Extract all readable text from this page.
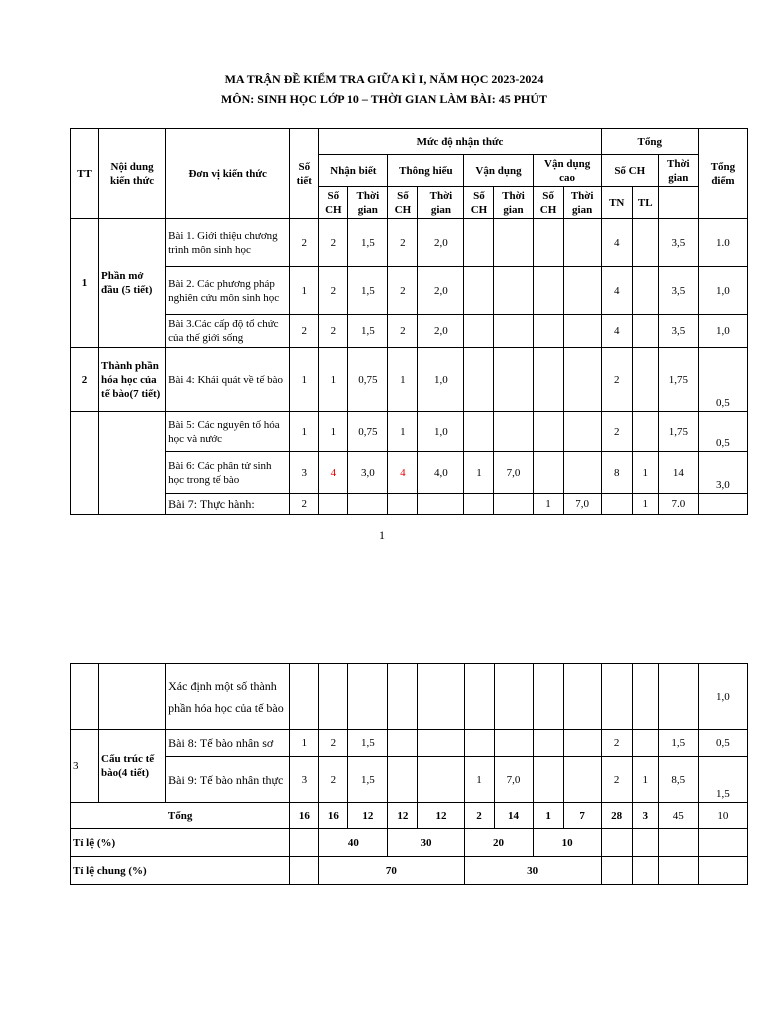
MA TRẬN ĐỀ KIỂM TRA GIỮA KÌ I, NĂM HỌC 2023-2024
MÔN: SINH HỌC LỚP 10 – THỜI GIAN LÀM BÀI: 45 PHÚT
TT	Nội dung kiến thức	Đơn vị kiến thức	Số tiết	Mức độ nhận thức								Tổng			Tổng điểm
				Nhận biết		Thông hiểu		Vận dụng		Vận dụng cao		Số CH		Thời gian	
				Số CH	Thời gian	Số CH	Thời gian	Số CH	Thời gian	Số CH	Thời gian	TN	TL		
1	Phần mở đầu (5 tiết)	Bài 1. Giới thiệu chương trình môn sinh học	2	2	1,5	2	2,0					4		3,5	1.0
		Bài 2. Các phương pháp nghiên cứu môn sinh học	1	2	1,5	2	2,0					4		3,5	1,0
		Bài 3.Các cấp độ tổ chức của thế giới sống	2	2	1,5	2	2,0					4		3,5	1,0
2	Thành phần hóa học của tế bào(7 tiết)	Bài 4: Khái quát về tế bào	1	1	0,75	1	1,0					2		1,75	0,5
		Bài 5: Các nguyên tố hóa học và nước	1	1	0,75	1	1,0					2		1,75	0,5
		Bài 6: Các phân tử sinh học trong tế bào	3	4	3,0	4	4,0	1	7,0			8	1	14	3,0
		Bài 7: Thực hành:	2							1	7,0		1	7.0	
1
		Xác định một số thành phần hóa học của tế bào													1,0
3	Cấu trúc tế bào(4 tiết)	Bài 8: Tế bào nhân sơ	1	2	1,5							2		1,5	0,5
		Bài 9: Tế bào nhân thực	3	2	1,5			1	7,0			2	1	8,5	1,5
Tổng			16	16	12	12	12	2	14	1	7	28	3	45	10
Tỉ lệ (%)				40		30		20		10					
Tỉ lệ chung (%)				70				30							
